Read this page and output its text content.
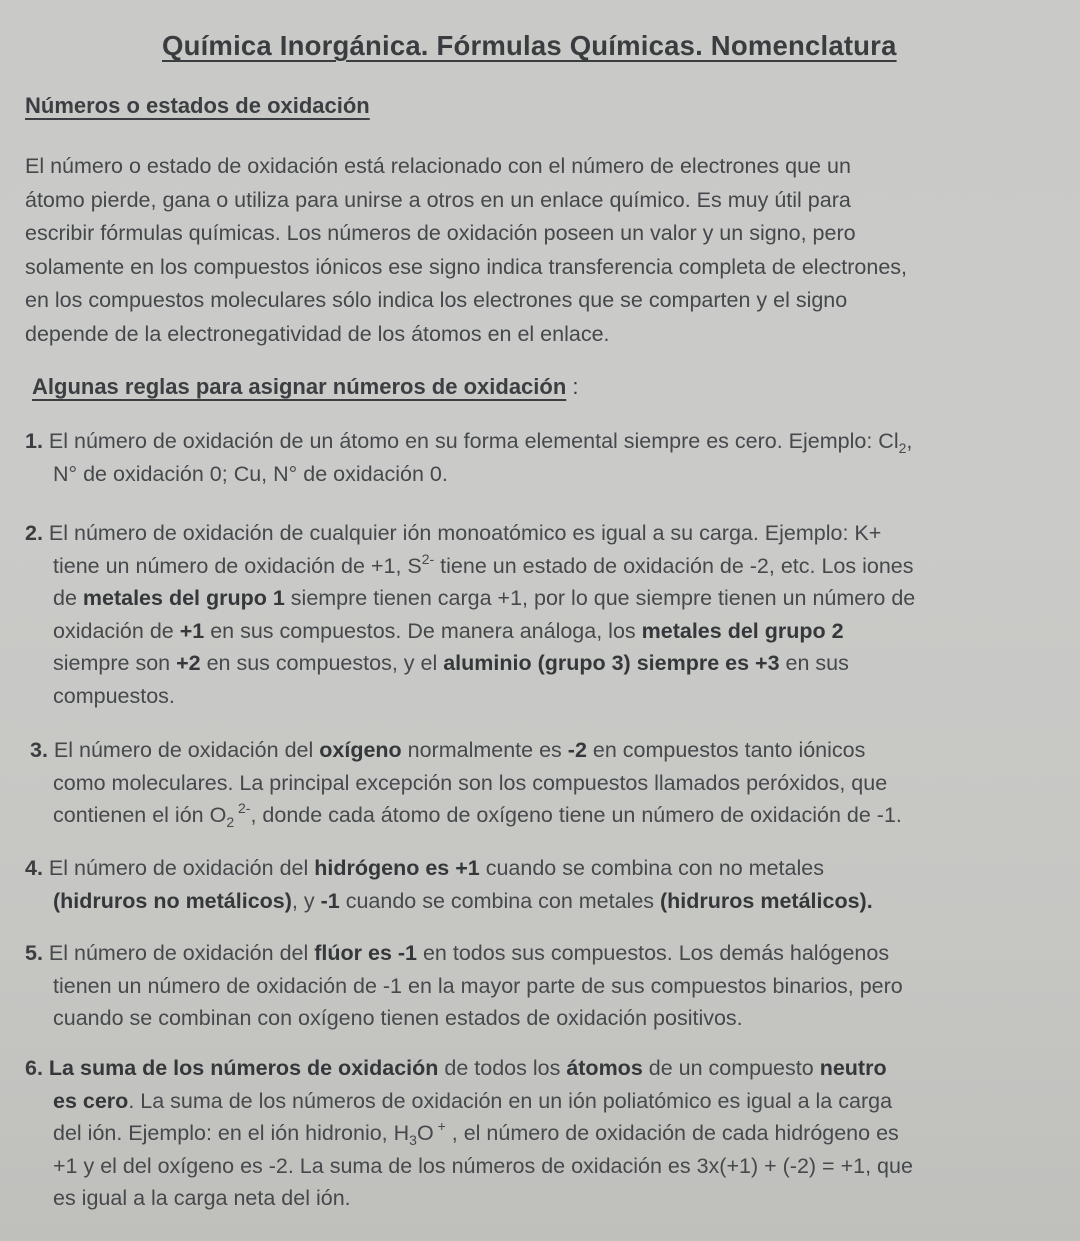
Química Inorgánica. Fórmulas Químicas. Nomenclatura
Números o estados de oxidación
El número o estado de oxidación está relacionado con el número de electrones que un
átomo pierde, gana o utiliza para unirse a otros en un enlace químico. Es muy útil para
escribir fórmulas químicas. Los números de oxidación poseen un valor y un signo, pero
solamente en los compuestos iónicos ese signo indica transferencia completa de electrones,
en los compuestos moleculares sólo indica los electrones que se comparten y el signo
depende de la electronegatividad de los átomos en el enlace.
Algunas reglas para asignar números de oxidación :
1. El número de oxidación de un átomo en su forma elemental siempre es cero. Ejemplo: $Cl_2$,
N° de oxidación 0; Cu, N° de oxidación 0.
2. El número de oxidación de cualquier ión monoatómico es igual a su carga. Ejemplo: K+
tiene un número de oxidación de +1, $S^{2-}$ tiene un estado de oxidación de -2, etc. Los iones
de metales del grupo 1 siempre tienen carga +1, por lo que siempre tienen un número de
oxidación de +1 en sus compuestos. De manera análoga, los metales del grupo 2
siempre son +2 en sus compuestos, y el aluminio (grupo 3) siempre es +3 en sus
compuestos.
3. El número de oxidación del oxígeno normalmente es -2 en compuestos tanto iónicos
como moleculares. La principal excepción son los compuestos llamados peróxidos, que
contienen el ión $O_2$ $^{2-}$, donde cada átomo de oxígeno tiene un número de oxidación de -1.
4. El número de oxidación del hidrógeno es +1 cuando se combina con no metales
(hidruros no metálicos), y -1 cuando se combina con metales (hidruros metálicos).
5. El número de oxidación del flúor es -1 en todos sus compuestos. Los demás halógenos
tienen un número de oxidación de -1 en la mayor parte de sus compuestos binarios, pero
cuando se combinan con oxígeno tienen estados de oxidación positivos.
6. La suma de los números de oxidación de todos los átomos de un compuesto neutro
es cero. La suma de los números de oxidación en un ión poliatómico es igual a la carga
del ión. Ejemplo: en el ión hidronio, $H_3O$ + , el número de oxidación de cada hidrógeno es
+1 y el del oxígeno es -2. La suma de los números de oxidación es 3x(+1) + (-2) = +1, que
es igual a la carga neta del ión.
